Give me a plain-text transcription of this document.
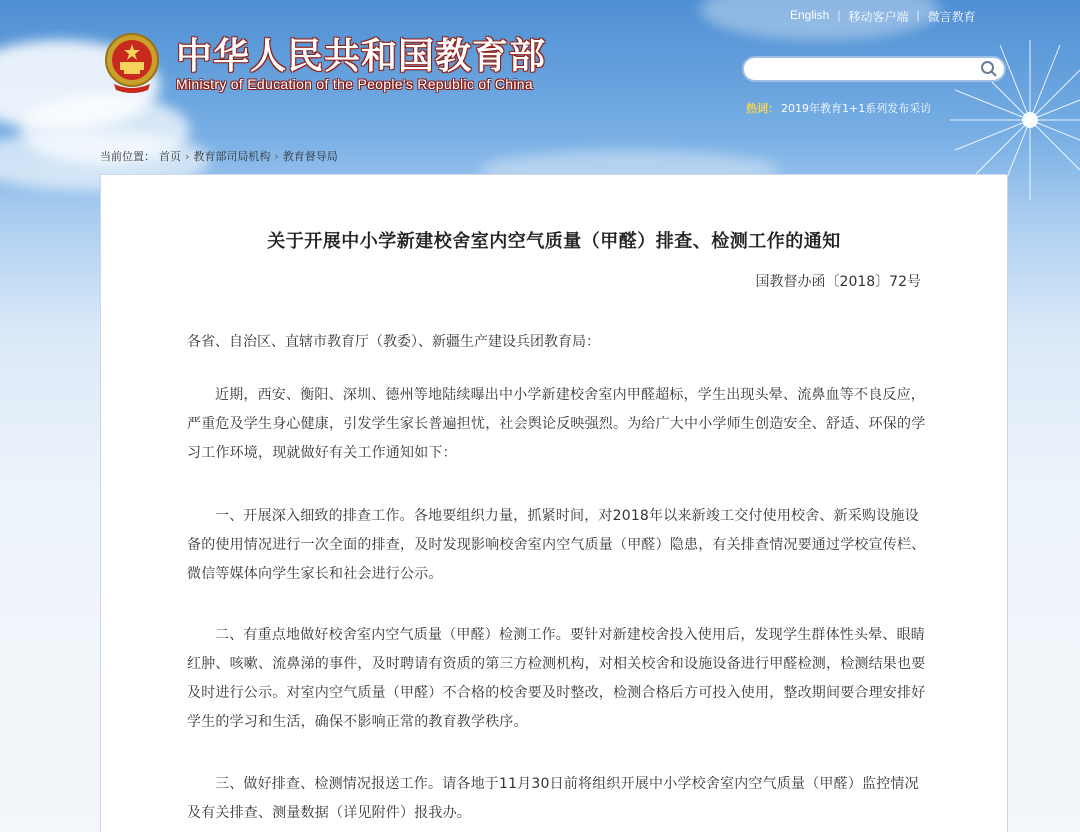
中华人民共和国教育部
Ministry of Education of the People's Republic of China
English | 移动客户端 | 微言教育
热词： 2019年教育1+1系列发布采访
当前位置： 首页 › 教育部司局机构 › 教育督导局
关于开展中小学新建校舍室内空气质量（甲醛）排查、检测工作的通知
国教督办函〔2018〕72号
各省、自治区、直辖市教育厅（教委）、新疆生产建设兵团教育局：

近期，西安、衡阳、深圳、德州等地陆续曝出中小学新建校舍室内甲醛超标，学生出现头晕、流鼻血等不良反应，严重危及学生身心健康，引发学生家长普遍担忧，社会舆论反映强烈。为给广大中小学师生创造安全、舒适、环保的学习工作环境，现就做好有关工作通知如下：

一、开展深入细致的排查工作。各地要组织力量，抓紧时间，对2018年以来新竣工交付使用校舍、新采购设施设备的使用情况进行一次全面的排查，及时发现影响校舍室内空气质量（甲醛）隐患，有关排查情况要通过学校宣传栏、微信等媒体向学生家长和社会进行公示。

二、有重点地做好校舍室内空气质量（甲醛）检测工作。要针对新建校舍投入使用后，发现学生群体性头晕、眼睛红肿、咳嗽、流鼻涕的事件，及时聘请有资质的第三方检测机构，对相关校舍和设施设备进行甲醛检测，检测结果也要及时进行公示。对室内空气质量（甲醛）不合格的校舍要及时整改，检测合格后方可投入使用，整改期间要合理安排好学生的学习和生活，确保不影响正常的教育教学秩序。

三、做好排查、检测情况报送工作。请各地于11月30日前将组织开展中小学校舍室内空气质量（甲醛）监控情况及有关排查、测量数据（详见附件）报我办。
